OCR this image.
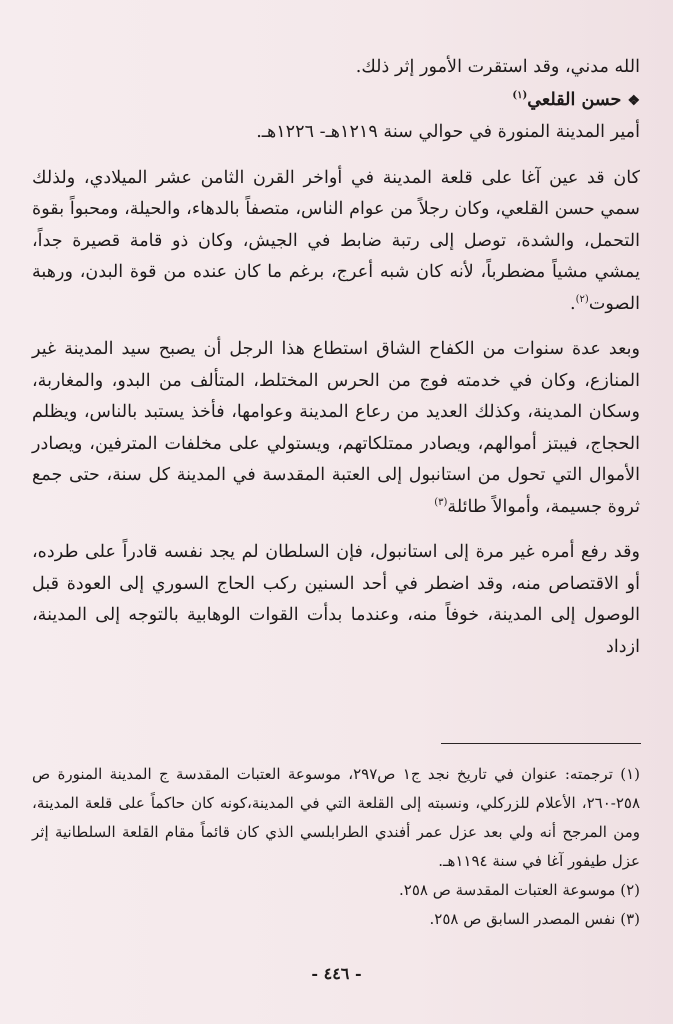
الله مدني، وقد استقرت الأمور إثر ذلك.

❖حسن القلعي$^{(١)}$

أمير المدينة المنورة في حوالي سنة ١٢١٩هـ- ١٢٢٦هـ.

كان قد عين آغا على قلعة المدينة في أواخر القرن الثامن عشر الميلادي، ولذلك سمي حسن القلعي، وكان رجلاً من عوام الناس، متصفاً بالدهاء، والحيلة، ومحبواً بقوة التحمل، والشدة، توصل إلى رتبة ضابط في الجيش، وكان ذو قامة قصيرة جداً، يمشي مشياً مضطرباً، لأنه كان شبه أعرج، برغم ما كان عنده من قوة البدن، ورهبة الصوت$^{(٢)}$.

وبعد عدة سنوات من الكفاح الشاق استطاع هذا الرجل أن يصبح سيد المدينة غير المنازع، وكان في خدمته فوج من الحرس المختلط، المتألف من البدو، والمغاربة، وسكان المدينة، وكذلك العديد من رعاع المدينة وعوامها، فأخذ يستبد بالناس، ويظلم الحجاج، فيبتز أموالهم، ويصادر ممتلكاتهم، ويستولي على مخلفات المترفين، ويصادر الأموال التي تحول من استانبول إلى العتبة المقدسة في المدينة كل سنة، حتى جمع ثروة جسيمة، وأموالاً طائلة$^{(٣)}$

وقد رفع أمره غير مرة إلى استانبول، فإن السلطان لم يجد نفسه قادراً على طرده، أو الاقتصاص منه، وقد اضطر في أحد السنين ركب الحاج السوري إلى العودة قبل الوصول إلى المدينة، خوفاً منه، وعندما بدأت القوات الوهابية بالتوجه إلى المدينة، ازداد

(١) ترجمته: عنوان في تاريخ نجد ج١ ص٢٩٧، موسوعة العتبات المقدسة ج المدينة المنورة ص ٢٥٨-٢٦٠، الأعلام للزركلي، ونسبته إلى القلعة التي في المدينة،كونه كان حاكماً على قلعة المدينة، ومن المرجح أنه ولي بعد عزل عمر أفندي الطرابلسي الذي كان قائماً مقام القلعة السلطانية إثر عزل طيفور آغا في سنة ١١٩٤هـ.

(٢) موسوعة العتبات المقدسة ص ٢٥٨.

(٣) نفس المصدر السابق ص ٢٥٨.

- ٤٤٦ -
